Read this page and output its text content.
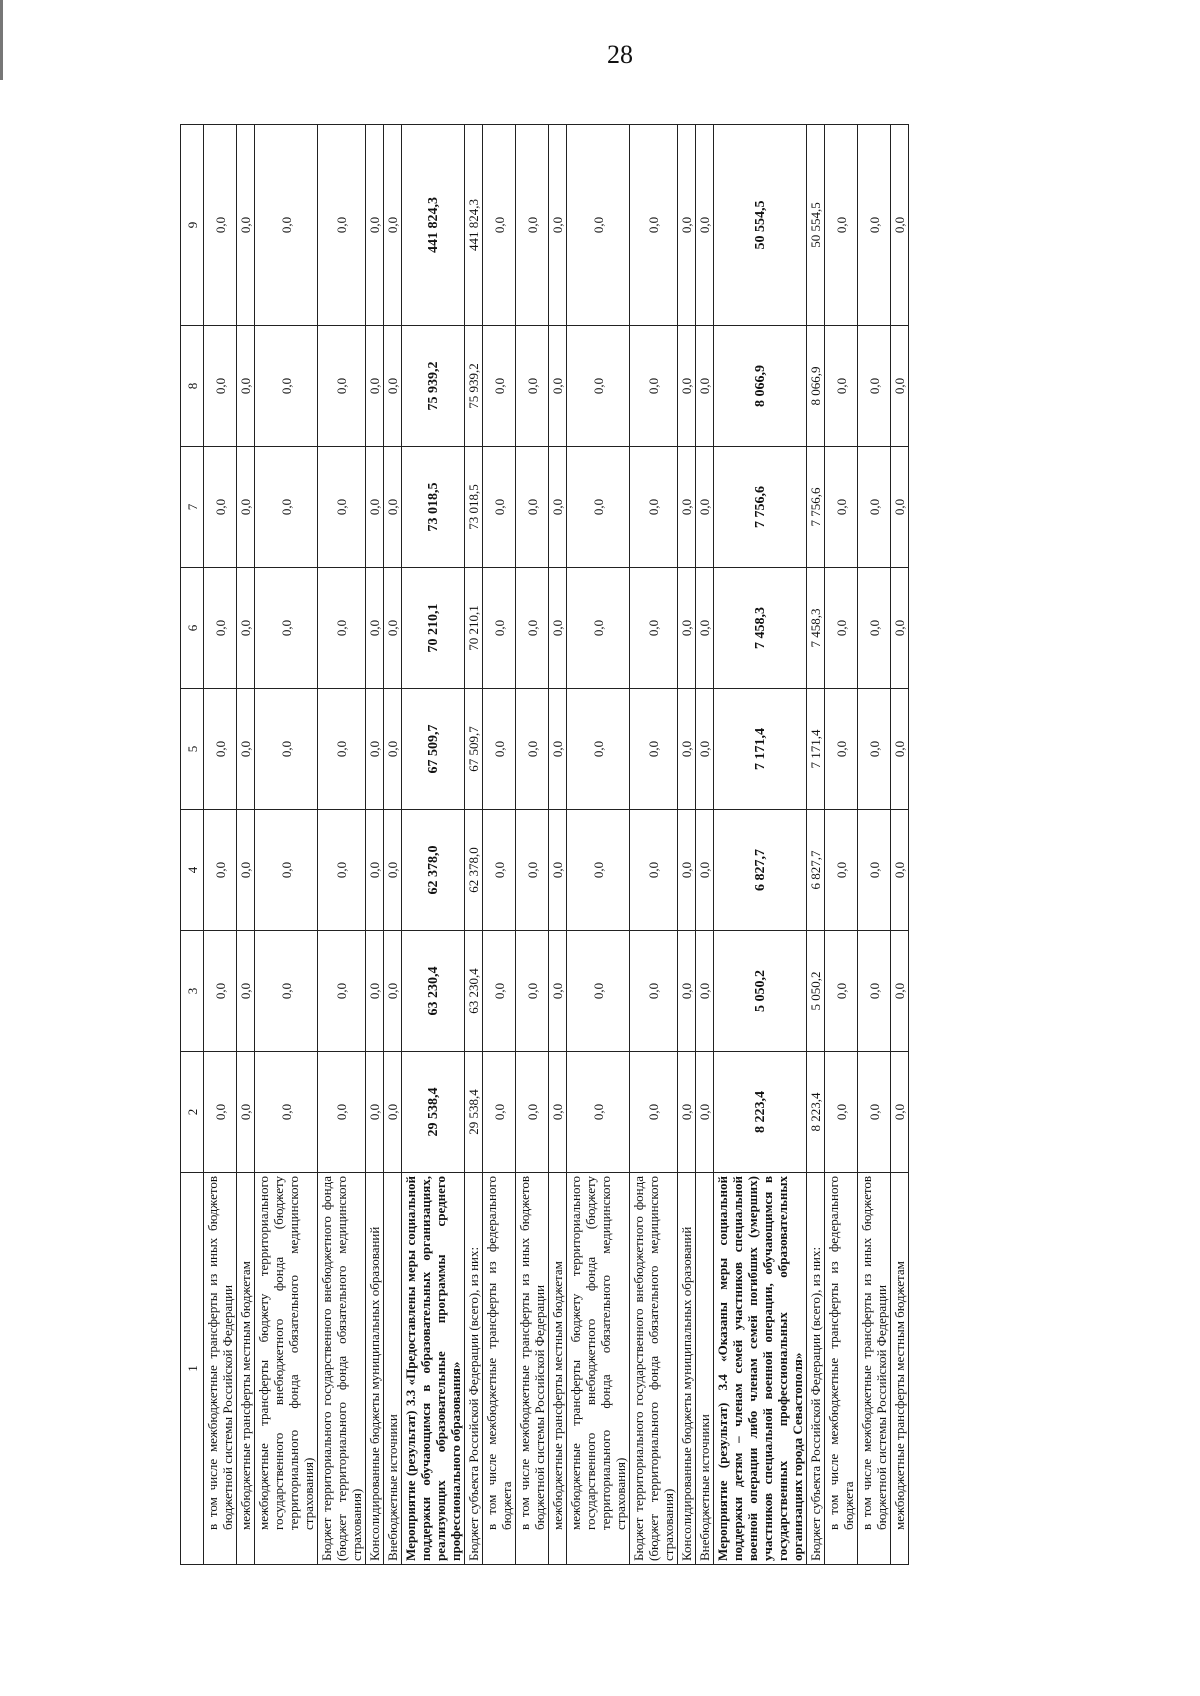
28
1	2	3	4	5	6	7	8	9
в том числе межбюджетные трансферты из иных бюджетов бюджетной системы Российской Федерации	0,0	0,0	0,0	0,0	0,0	0,0	0,0	0,0
межбюджетные трансферты местным бюджетам	0,0	0,0	0,0	0,0	0,0	0,0	0,0	0,0
межбюджетные трансферты бюджету территориального государственного внебюджетного фонда (бюджету территориального фонда обязательного медицинского страхования)	0,0	0,0	0,0	0,0	0,0	0,0	0,0	0,0
Бюджет территориального государственного внебюджетного фонда (бюджет территориального фонда обязательного медицинского страхования)	0,0	0,0	0,0	0,0	0,0	0,0	0,0	0,0
Консолидированные бюджеты муниципальных образований	0,0	0,0	0,0	0,0	0,0	0,0	0,0	0,0
Внебюджетные источники	0,0	0,0	0,0	0,0	0,0	0,0	0,0	0,0
Мероприятие (результат) 3.3 «Предоставлены меры социальной поддержки обучающимся в образовательных организациях, реализующих образовательные программы среднего профессионального образования»	29 538,4	63 230,4	62 378,0	67 509,7	70 210,1	73 018,5	75 939,2	441 824,3
Бюджет субъекта Российской Федерации (всего), из них:	29 538,4	63 230,4	62 378,0	67 509,7	70 210,1	73 018,5	75 939,2	441 824,3
в том числе межбюджетные трансферты из федерального бюджета	0,0	0,0	0,0	0,0	0,0	0,0	0,0	0,0
в том числе межбюджетные трансферты из иных бюджетов бюджетной системы Российской Федерации	0,0	0,0	0,0	0,0	0,0	0,0	0,0	0,0
межбюджетные трансферты местным бюджетам	0,0	0,0	0,0	0,0	0,0	0,0	0,0	0,0
межбюджетные трансферты бюджету территориального государственного внебюджетного фонда (бюджету территориального фонда обязательного медицинского страхования)	0,0	0,0	0,0	0,0	0,0	0,0	0,0	0,0
Бюджет территориального государственного внебюджетного фонда (бюджет территориального фонда обязательного медицинского страхования)	0,0	0,0	0,0	0,0	0,0	0,0	0,0	0,0
Консолидированные бюджеты муниципальных образований	0,0	0,0	0,0	0,0	0,0	0,0	0,0	0,0
Внебюджетные источники	0,0	0,0	0,0	0,0	0,0	0,0	0,0	0,0
Мероприятие (результат) 3.4 «Оказаны меры социальной поддержки детям – членам семей участников специальной военной операции либо членам семей погибших (умерших) участников специальной военной операции, обучающимся в государственных профессиональных образовательных организациях города Севастополя»	8 223,4	5 050,2	6 827,7	7 171,4	7 458,3	7 756,6	8 066,9	50 554,5
Бюджет субъекта Российской Федерации (всего), из них:	8 223,4	5 050,2	6 827,7	7 171,4	7 458,3	7 756,6	8 066,9	50 554,5
в том числе межбюджетные трансферты из федерального бюджета	0,0	0,0	0,0	0,0	0,0	0,0	0,0	0,0
в том числе межбюджетные трансферты из иных бюджетов бюджетной системы Российской Федерации	0,0	0,0	0,0	0,0	0,0	0,0	0,0	0,0
межбюджетные трансферты местным бюджетам	0,0	0,0	0,0	0,0	0,0	0,0	0,0	0,0
